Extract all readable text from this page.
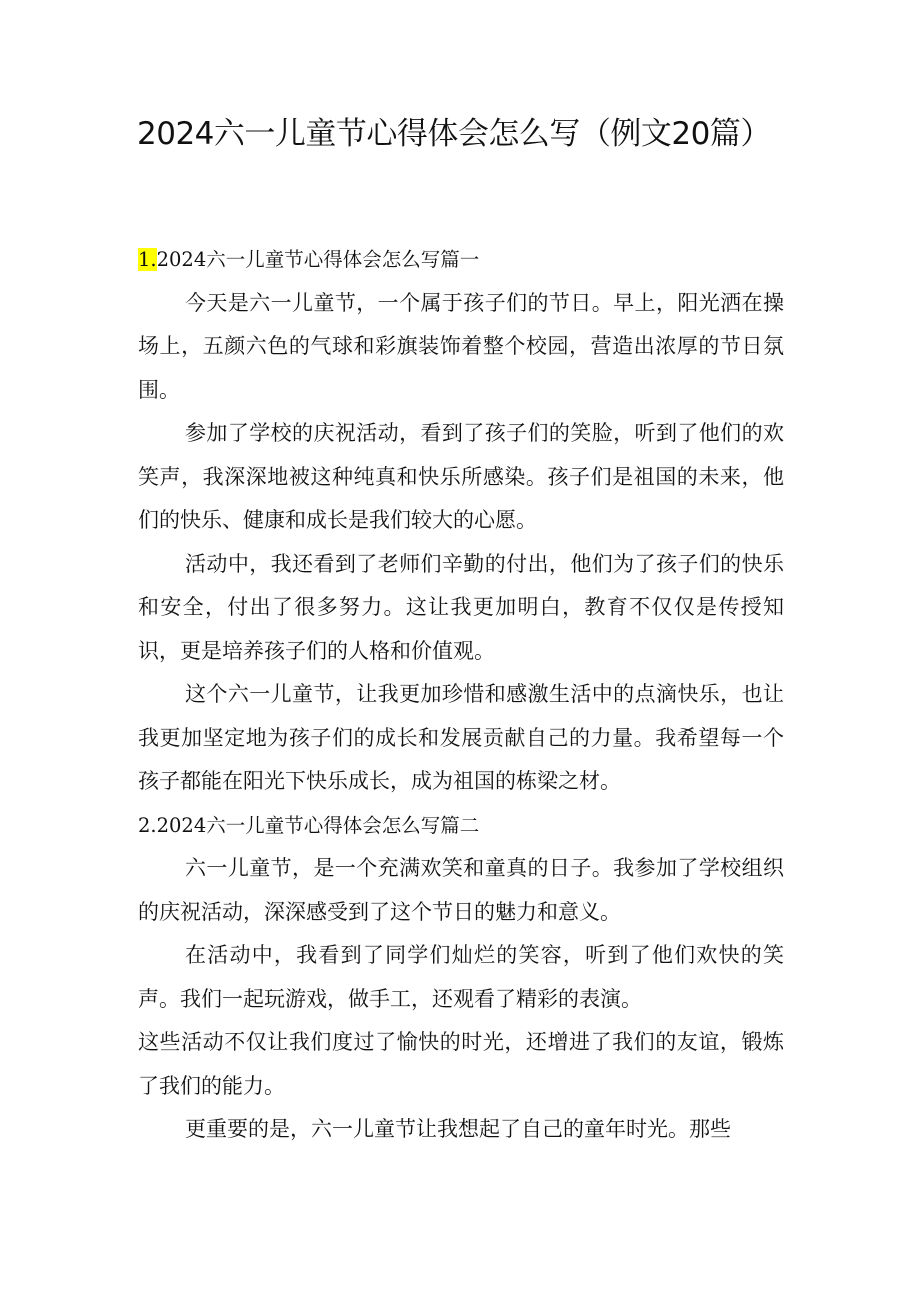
2024六一儿童节心得体会怎么写（例文20篇）

1.2024六一儿童节心得体会怎么写篇一

今天是六一儿童节，一个属于孩子们的节日。早上，阳光洒在操场上，五颜六色的气球和彩旗装饰着整个校园，营造出浓厚的节日氛围。

参加了学校的庆祝活动，看到了孩子们的笑脸，听到了他们的欢笑声，我深深地被这种纯真和快乐所感染。孩子们是祖国的未来，他们的快乐、健康和成长是我们较大的心愿。

活动中，我还看到了老师们辛勤的付出，他们为了孩子们的快乐和安全，付出了很多努力。这让我更加明白，教育不仅仅是传授知识，更是培养孩子们的人格和价值观。

这个六一儿童节，让我更加珍惜和感激生活中的点滴快乐，也让我更加坚定地为孩子们的成长和发展贡献自己的力量。我希望每一个孩子都能在阳光下快乐成长，成为祖国的栋梁之材。

2.2024六一儿童节心得体会怎么写篇二

六一儿童节，是一个充满欢笑和童真的日子。我参加了学校组织的庆祝活动，深深感受到了这个节日的魅力和意义。

在活动中，我看到了同学们灿烂的笑容，听到了他们欢快的笑声。我们一起玩游戏，做手工，还观看了精彩的表演。

这些活动不仅让我们度过了愉快的时光，还增进了我们的友谊，锻炼了我们的能力。

更重要的是，六一儿童节让我想起了自己的童年时光。那些
